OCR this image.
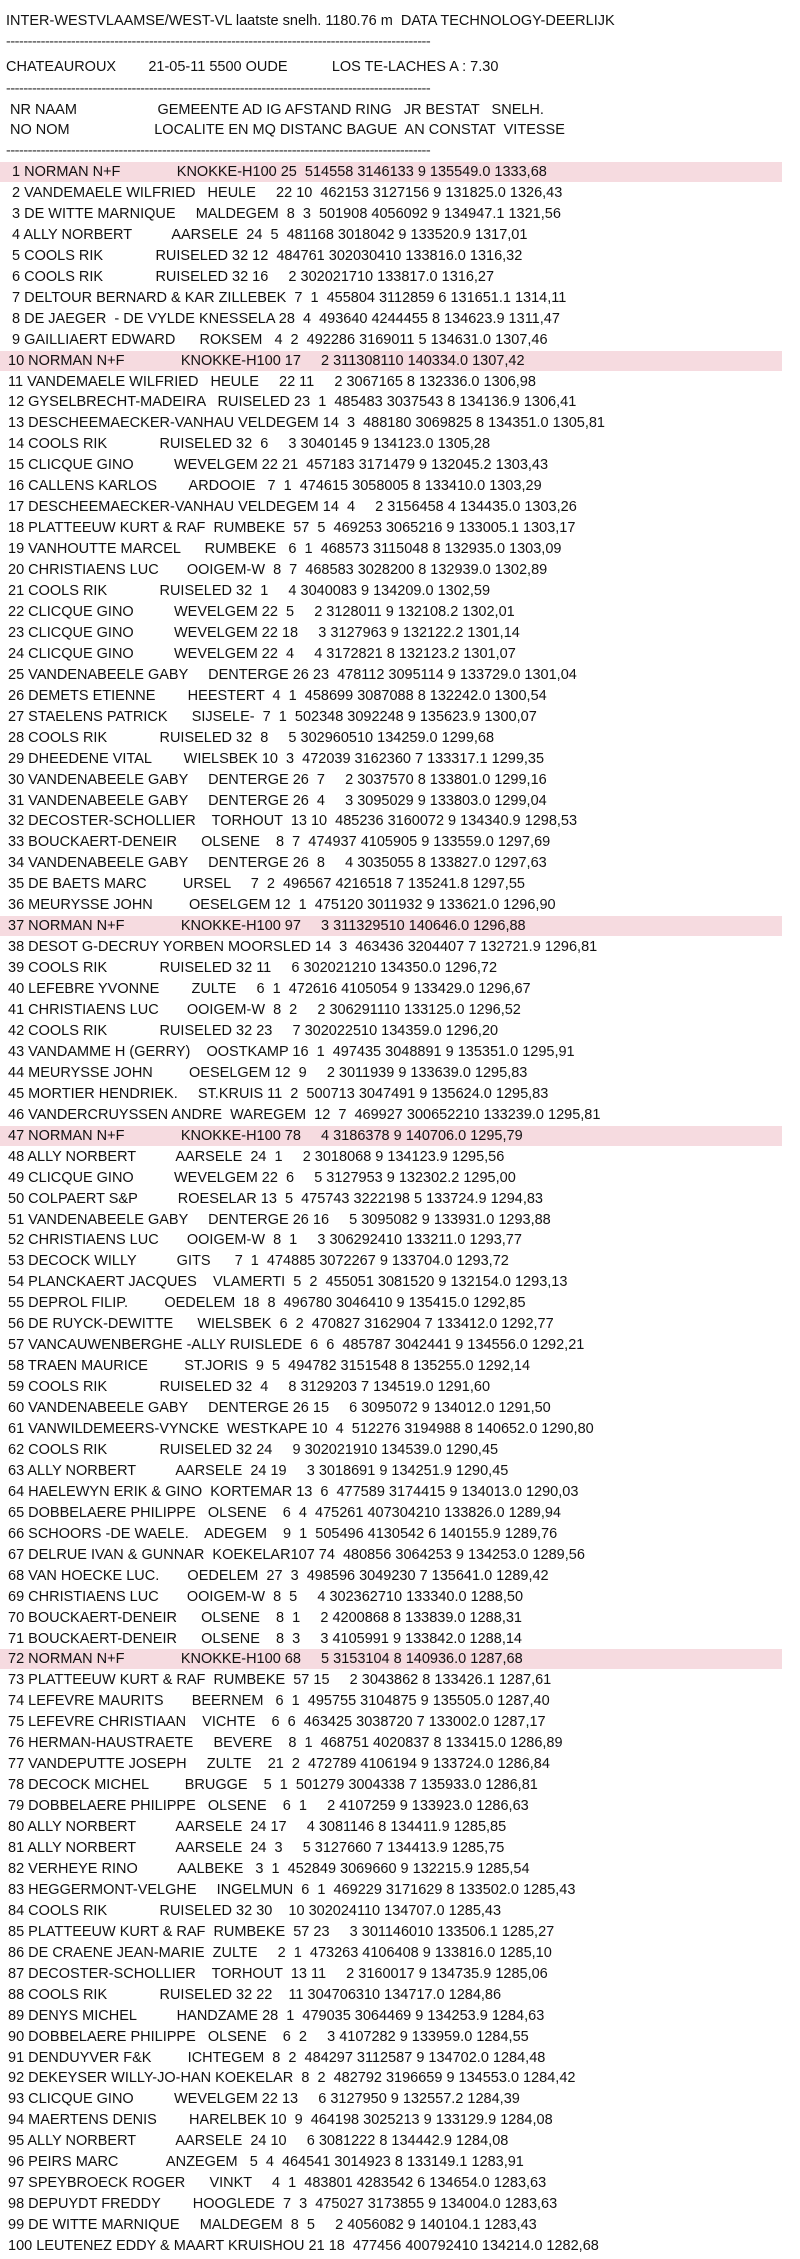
INTER-WESTVLAAMSE/WEST-VL laatste snelh. 1180.76 m  DATA TECHNOLOGY-DEERLIJK
--------------------------------------------------------------------------------------------------
CHATEAUROUX        21-05-11 5500 OUDE           LOS TE-LACHES A : 7.30
--------------------------------------------------------------------------------------------------
NR NAAM                    GEMEENTE AD IG AFSTAND RING   JR BESTAT   SNELH.
NO NOM                     LOCALITE EN MQ DISTANC BAGUE  AN CONSTAT  VITESSE
--------------------------------------------------------------------------------------------------
1 NORMAN N+F              KNOKKE-H100 25  514558 3146133 9 135549.0 1333,68
2 VANDEMAELE WILFRIED   HEULE     22 10  462153 3127156 9 131825.0 1326,43
3 DE WITTE MARNIQUE     MALDEGEM  8  3  501908 4056092 9 134947.1 1321,56
4 ALLY NORBERT          AARSELE  24  5  481168 3018042 9 133520.9 1317,01
5 COOLS RIK             RUISELED 32 12  484761 302030410 133816.0 1316,32
6 COOLS RIK             RUISELED 32 16     2 302021710 133817.0 1316,27
7 DELTOUR BERNARD & KAR ZILLEBEK  7  1  455804 3112859 6 131651.1 1314,11
8 DE JAEGER  - DE VYLDE KNESSELA 28  4  493640 4244455 8 134623.9 1311,47
9 GAILLIAERT EDWARD      ROKSEM   4  2  492286 3169011 5 134631.0 1307,46
10 NORMAN N+F              KNOKKE-H100 17     2 311308110 140334.0 1307,42
11 VANDEMAELE WILFRIED   HEULE     22 11     2 3067165 8 132336.0 1306,98
12 GYSELBRECHT-MADEIRA   RUISELED 23  1  485483 3037543 8 134136.9 1306,41
13 DESCHEEMAECKER-VANHAU VELDEGEM 14  3  488180 3069825 8 134351.0 1305,81
14 COOLS RIK             RUISELED 32  6     3 3040145 9 134123.0 1305,28
15 CLICQUE GINO          WEVELGEM 22 21  457183 3171479 9 132045.2 1303,43
16 CALLENS KARLOS        ARDOOIE   7  1  474615 3058005 8 133410.0 1303,29
17 DESCHEEMAECKER-VANHAU VELDEGEM 14  4     2 3156458 4 134435.0 1303,26
18 PLATTEEUW KURT & RAF  RUMBEKE  57  5  469253 3065216 9 133005.1 1303,17
19 VANHOUTTE MARCEL      RUMBEKE   6  1  468573 3115048 8 132935.0 1303,09
20 CHRISTIAENS LUC       OOIGEM-W  8  7  468583 3028200 8 132939.0 1302,89
21 COOLS RIK             RUISELED 32  1     4 3040083 9 134209.0 1302,59
22 CLICQUE GINO          WEVELGEM 22  5     2 3128011 9 132108.2 1302,01
23 CLICQUE GINO          WEVELGEM 22 18     3 3127963 9 132122.2 1301,14
24 CLICQUE GINO          WEVELGEM 22  4     4 3172821 8 132123.2 1301,07
25 VANDENABEELE GABY     DENTERGE 26 23  478112 3095114 9 133729.0 1301,04
26 DEMETS ETIENNE        HEESTERT  4  1  458699 3087088 8 132242.0 1300,54
27 STAELENS PATRICK      SIJSELE-  7  1  502348 3092248 9 135623.9 1300,07
28 COOLS RIK             RUISELED 32  8     5 302960510 134259.0 1299,68
29 DHEEDENE VITAL        WIELSBEK 10  3  472039 3162360 7 133317.1 1299,35
30 VANDENABEELE GABY     DENTERGE 26  7     2 3037570 8 133801.0 1299,16
31 VANDENABEELE GABY     DENTERGE 26  4     3 3095029 9 133803.0 1299,04
32 DECOSTER-SCHOLLIER    TORHOUT  13 10  485236 3160072 9 134340.9 1298,53
33 BOUCKAERT-DENEIR      OLSENE    8  7  474937 4105905 9 133559.0 1297,69
34 VANDENABEELE GABY     DENTERGE 26  8     4 3035055 8 133827.0 1297,63
35 DE BAETS MARC         URSEL     7  2  496567 4216518 7 135241.8 1297,55
36 MEURYSSE JOHN         OESELGEM 12  1  475120 3011932 9 133621.0 1296,90
37 NORMAN N+F              KNOKKE-H100 97     3 311329510 140646.0 1296,88
38 DESOT G-DECRUY YORBEN MOORSLED 14  3  463436 3204407 7 132721.9 1296,81
39 COOLS RIK             RUISELED 32 11     6 302021210 134350.0 1296,72
40 LEFEBRE YVONNE        ZULTE     6  1  472616 4105054 9 133429.0 1296,67
41 CHRISTIAENS LUC       OOIGEM-W  8  2     2 306291110 133125.0 1296,52
42 COOLS RIK             RUISELED 32 23     7 302022510 134359.0 1296,20
43 VANDAMME H (GERRY)    OOSTKAMP 16  1  497435 3048891 9 135351.0 1295,91
44 MEURYSSE JOHN         OESELGEM 12  9     2 3011939 9 133639.0 1295,83
45 MORTIER HENDRIEK.     ST.KRUIS 11  2  500713 3047491 9 135624.0 1295,83
46 VANDERCRUYSSEN ANDRE  WAREGEM  12  7  469927 300652210 133239.0 1295,81
47 NORMAN N+F              KNOKKE-H100 78     4 3186378 9 140706.0 1295,79
48 ALLY NORBERT          AARSELE  24  1     2 3018068 9 134123.9 1295,56
49 CLICQUE GINO          WEVELGEM 22  6     5 3127953 9 132302.2 1295,00
50 COLPAERT S&P          ROESELAR 13  5  475743 3222198 5 133724.9 1294,83
51 VANDENABEELE GABY     DENTERGE 26 16     5 3095082 9 133931.0 1293,88
52 CHRISTIAENS LUC       OOIGEM-W  8  1     3 306292410 133211.0 1293,77
53 DECOCK WILLY          GITS      7  1  474885 3072267 9 133704.0 1293,72
54 PLANCKAERT JACQUES    VLAMERTI  5  2  455051 3081520 9 132154.0 1293,13
55 DEPROL FILIP.         OEDELEM  18  8  496780 3046410 9 135415.0 1292,85
56 DE RUYCK-DEWITTE      WIELSBEK  6  2  470827 3162904 7 133412.0 1292,77
57 VANCAUWENBERGHE -ALLY RUISLEDE  6  6  485787 3042441 9 134556.0 1292,21
58 TRAEN MAURICE         ST.JORIS  9  5  494782 3151548 8 135255.0 1292,14
59 COOLS RIK             RUISELED 32  4     8 3129203 7 134519.0 1291,60
60 VANDENABEELE GABY     DENTERGE 26 15     6 3095072 9 134012.0 1291,50
61 VANWILDEMEERS-VYNCKE  WESTKAPE 10  4  512276 3194988 8 140652.0 1290,80
62 COOLS RIK             RUISELED 32 24     9 302021910 134539.0 1290,45
63 ALLY NORBERT          AARSELE  24 19     3 3018691 9 134251.9 1290,45
64 HAELEWYN ERIK & GINO  KORTEMAR 13  6  477589 3174415 9 134013.0 1290,03
65 DOBBELAERE PHILIPPE   OLSENE    6  4  475261 407304210 133826.0 1289,94
66 SCHOORS -DE WAELE.    ADEGEM    9  1  505496 4130542 6 140155.9 1289,76
67 DELRUE IVAN & GUNNAR  KOEKELAR107 74  480856 3064253 9 134253.0 1289,56
68 VAN HOECKE LUC.       OEDELEM  27  3  498596 3049230 7 135641.0 1289,42
69 CHRISTIAENS LUC       OOIGEM-W  8  5     4 302362710 133340.0 1288,50
70 BOUCKAERT-DENEIR      OLSENE    8  1     2 4200868 8 133839.0 1288,31
71 BOUCKAERT-DENEIR      OLSENE    8  3     3 4105991 9 133842.0 1288,14
72 NORMAN N+F              KNOKKE-H100 68     5 3153104 8 140936.0 1287,68
73 PLATTEEUW KURT & RAF  RUMBEKE  57 15     2 3043862 8 133426.1 1287,61
74 LEFEVRE MAURITS       BEERNEM   6  1  495755 3104875 9 135505.0 1287,40
75 LEFEVRE CHRISTIAAN    VICHTE    6  6  463425 3038720 7 133002.0 1287,17
76 HERMAN-HAUSTRAETE     BEVERE    8  1  468751 4020837 8 133415.0 1286,89
77 VANDEPUTTE JOSEPH     ZULTE    21  2  472789 4106194 9 133724.0 1286,84
78 DECOCK MICHEL         BRUGGE    5  1  501279 3004338 7 135933.0 1286,81
79 DOBBELAERE PHILIPPE   OLSENE    6  1     2 4107259 9 133923.0 1286,63
80 ALLY NORBERT          AARSELE  24 17     4 3081146 8 134411.9 1285,85
81 ALLY NORBERT          AARSELE  24  3     5 3127660 7 134413.9 1285,75
82 VERHEYE RINO          AALBEKE   3  1  452849 3069660 9 132215.9 1285,54
83 HEGGERMONT-VELGHE     INGELMUN  6  1  469229 3171629 8 133502.0 1285,43
84 COOLS RIK             RUISELED 32 30    10 302024110 134707.0 1285,43
85 PLATTEEUW KURT & RAF  RUMBEKE  57 23     3 301146010 133506.1 1285,27
86 DE CRAENE JEAN-MARIE  ZULTE     2  1  473263 4106408 9 133816.0 1285,10
87 DECOSTER-SCHOLLIER    TORHOUT  13 11     2 3160017 9 134735.9 1285,06
88 COOLS RIK             RUISELED 32 22    11 304706310 134717.0 1284,86
89 DENYS MICHEL          HANDZAME 28  1  479035 3064469 9 134253.9 1284,63
90 DOBBELAERE PHILIPPE   OLSENE    6  2     3 4107282 9 133959.0 1284,55
91 DENDUYVER F&K         ICHTEGEM  8  2  484297 3112587 9 134702.0 1284,48
92 DEKEYSER WILLY-JO-HAN KOEKELAR  8  2  482792 3196659 9 134553.0 1284,42
93 CLICQUE GINO          WEVELGEM 22 13     6 3127950 9 132557.2 1284,39
94 MAERTENS DENIS        HARELBEK 10  9  464198 3025213 9 133129.9 1284,08
95 ALLY NORBERT          AARSELE  24 10     6 3081222 8 134442.9 1284,08
96 PEIRS MARC            ANZEGEM   5  4  464541 3014923 8 133149.1 1283,91
97 SPEYBROECK ROGER      VINKT     4  1  483801 4283542 6 134654.0 1283,63
98 DEPUYDT FREDDY        HOOGLEDE  7  3  475027 3173855 9 134004.0 1283,63
99 DE WITTE MARNIQUE     MALDEGEM  8  5     2 4056082 9 140104.1 1283,43
100 LEUTENEZ EDDY & MAART KRUISHOU 21 18  477456 400792410 134214.0 1282,68
